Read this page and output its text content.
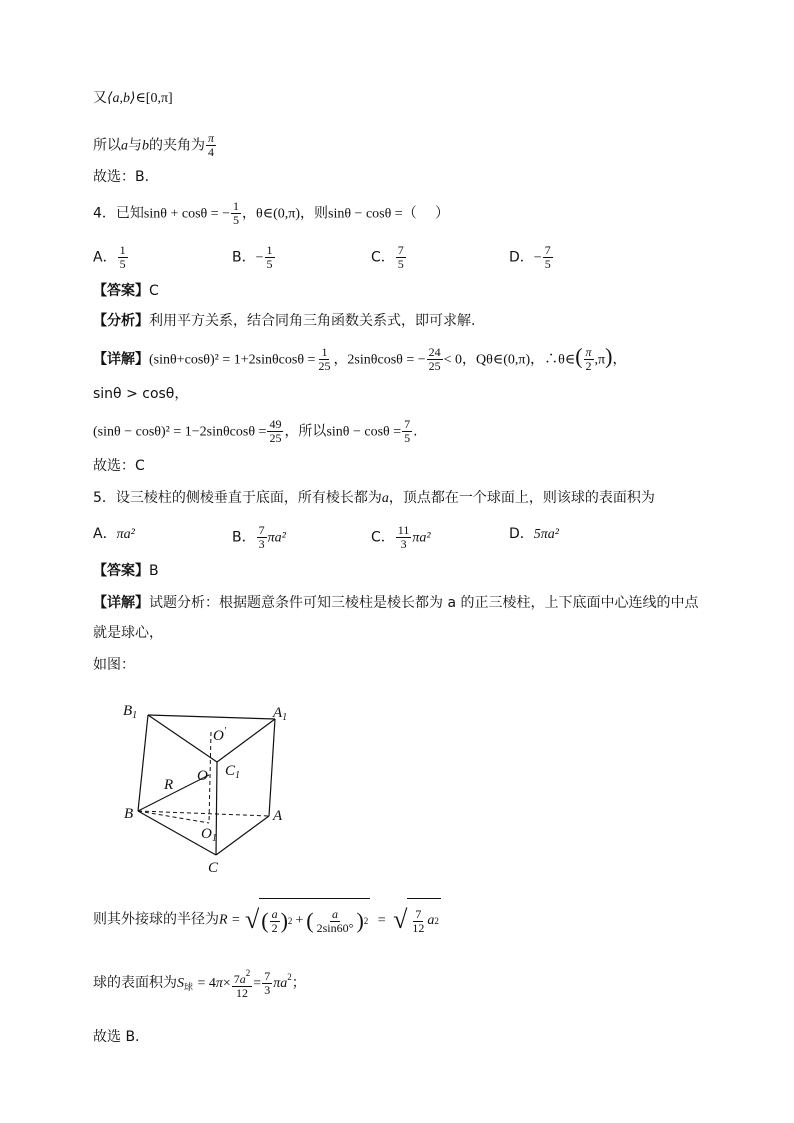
又⟨a,b⟩∈[0,π]
所以a与b的夹角为 $\frac{\pi}{4}$
故选：B.
4．已知sinθ + cosθ = − $\frac{1}{5}$ ，θ∈(0,π)，则sinθ − cosθ =（　 ）
A． $\frac{1}{5}$	B．− $\frac{1}{5}$	C． $\frac{7}{5}$	D．− $\frac{7}{5}$
【答案】C
【分析】利用平方关系，结合同角三角函数关系式，即可求解.
【详解】$(\sin\theta+\cos\theta)^2 = 1+2\sin\theta\cos\theta = \frac{1}{25}$ ，2sinθcosθ = − $\frac{24}{25} < 0$，Qθ∈(0,π)，∴θ∈( $\frac{\pi}{2} ,\pi$)，
sinθ > cosθ，
$(\sin\theta - \cos\theta)^2 = 1-2\sin\theta\cos\theta = \frac{49}{25}$ ，所以$\sin\theta - \cos\theta = \frac{7}{5}$ .
故选：C
5．设三棱柱的侧棱垂直于底面，所有棱长都为a，顶点都在一个球面上，则该球的表面积为
A．πa²	B． $\frac{7}{3} \pi a^2$	C． $\frac{11}{3} \pi a^2$	D．5πa²
【答案】B
【详解】试题分析：根据题意条件可知三棱柱是棱长都为 a 的正三棱柱，上下底面中心连线的中点
就是球心，
如图：
$B_1$	$A_1$
O′
O $C_1$
R
B	A
$O_1$
C
则其外接球的半径为R = √ ( $\frac{a}{2}$ ) 2 + ( $\frac{a}{2\sin 60^\circ}$ ) 2 = √ $\frac{7}{12}$ a 2
球的表面积为$S_球 = 4\pi\times \frac{7a^2}{12} = \frac{7}{3} \pi a^2$；
故选 B.
